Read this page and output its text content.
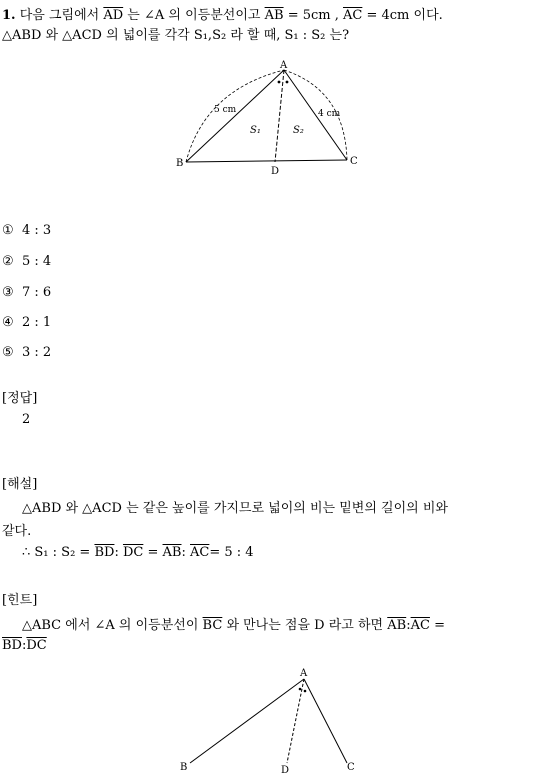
1. 다음 그림에서 $\overline{AD}$ 는 ∠A 의 이등분선이고 $\overline{AB} = 5cm$ , $\overline{AC} = 4cm$ 이다.
△ABD 와 △ACD 의 넓이를 각각 S₁,S₂ 라 할 때, S₁ : S₂ 는?
A
B	C
D
5 cm	4 cm
S₁	S₂
A
B	C
D
① 4 : 3
② 5 : 4
③ 7 : 6
④ 2 : 1
⑤ 3 : 2
[정답]
2
[해설]
△ABD 와 △ACD 는 같은 높이를 가지므로 넓이의 비는 밑변의 길이의 비와
같다.
∴ S₁ : $S_2 = \overline{BD}$: $\overline{DC} = \overline{AB}$: $\overline{AC}= 5$ : 4
[힌트]
△ABC 에서 ∠A 의 이등분선이 $\overline{BC}$ 와 만나는 점을 D 라고 하면 $\overline{AB}:\overline{AC}$ =
$\overline{BD}:\overline{DC}$
